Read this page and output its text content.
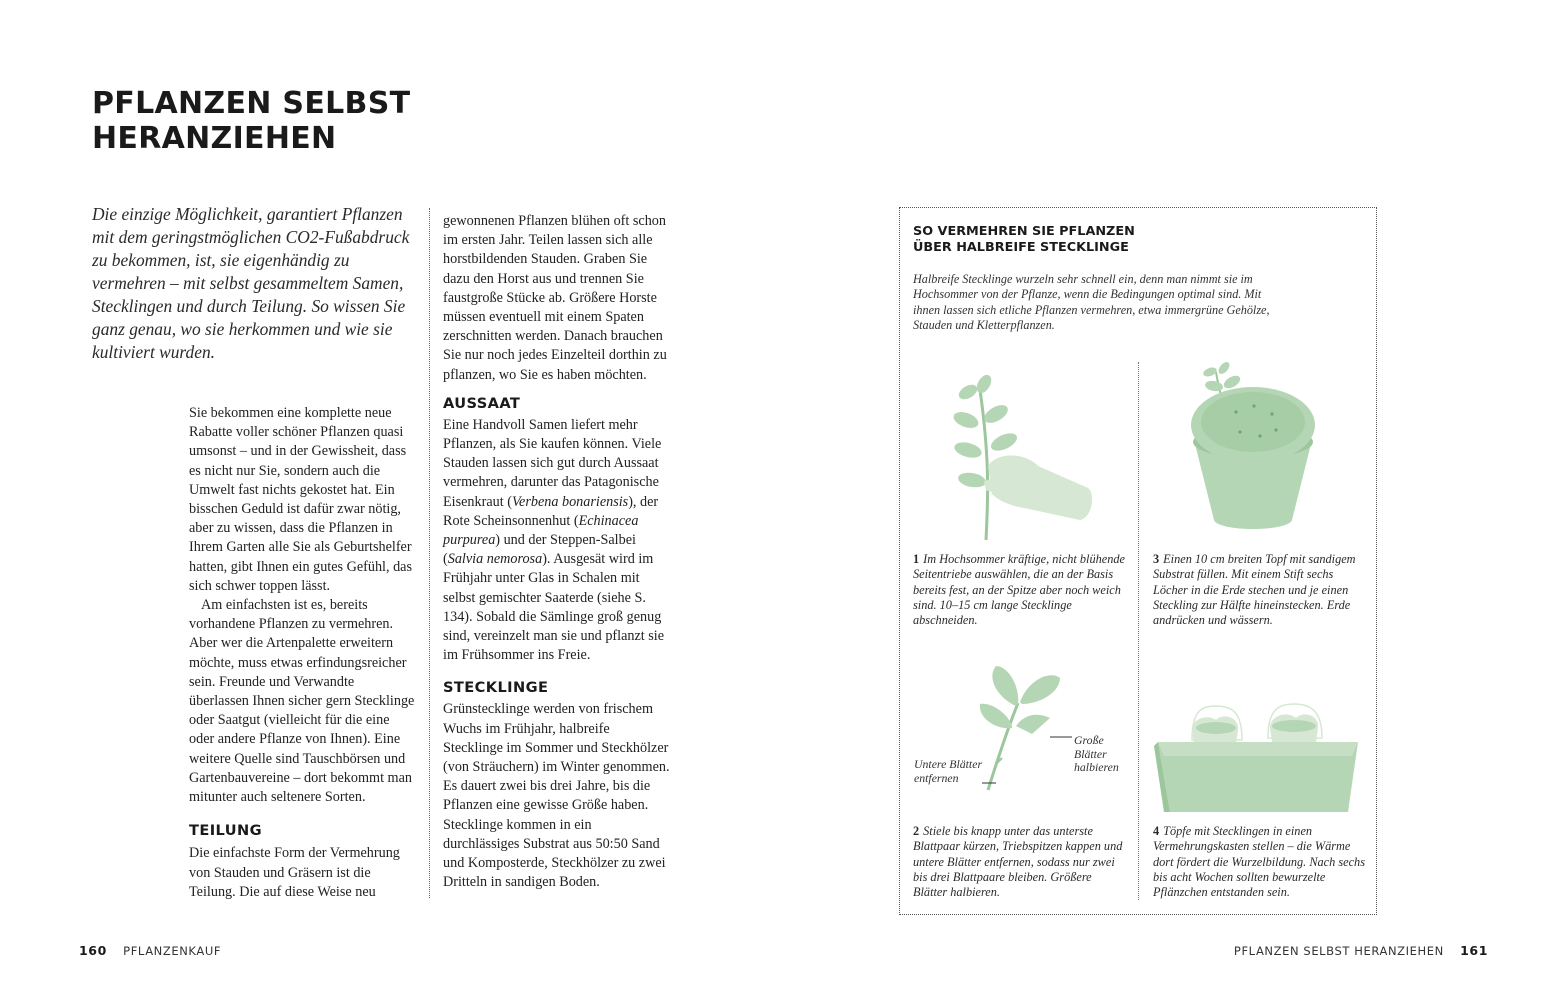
PFLANZEN SELBST HERANZIEHEN

Die einzige Möglichkeit, garantiert Pflanzen mit dem geringstmöglichen CO2-Fußabdruck zu bekommen, ist, sie eigenhändig zu vermehren – mit selbst gesammeltem Samen, Stecklingen und durch Teilung. So wissen Sie ganz genau, wo sie herkommen und wie sie kultiviert wurden.

Sie bekommen eine komplette neue Rabatte voller schöner Pflanzen quasi umsonst – und in der Gewissheit, dass es nicht nur Sie, sondern auch die Umwelt fast nichts gekostet hat. Ein bisschen Geduld ist dafür zwar nötig, aber zu wissen, dass die Pflanzen in Ihrem Garten alle Sie als Geburtshelfer hatten, gibt Ihnen ein gutes Gefühl, das sich schwer toppen lässt.

Am einfachsten ist es, bereits vorhandene Pflanzen zu vermehren. Aber wer die Artenpalette erweitern möchte, muss etwas erfindungsreicher sein. Freunde und Verwandte überlassen Ihnen sicher gern Stecklinge oder Saatgut (vielleicht für die eine oder andere Pflanze von Ihnen). Eine weitere Quelle sind Tauschbörsen und Gartenbauvereine – dort bekommt man mitunter auch seltenere Sorten.

TEILUNG

Die einfachste Form der Vermehrung von Stauden und Gräsern ist die Teilung. Die auf diese Weise neu

gewonnenen Pflanzen blühen oft schon im ersten Jahr. Teilen lassen sich alle horstbildenden Stauden. Graben Sie dazu den Horst aus und trennen Sie faustgroße Stücke ab. Größere Horste müssen eventuell mit einem Spaten zerschnitten werden. Danach brauchen Sie nur noch jedes Einzelteil dorthin zu pflanzen, wo Sie es haben möchten.

AUSSAAT

Eine Handvoll Samen liefert mehr Pflanzen, als Sie kaufen können. Viele Stauden lassen sich gut durch Aussaat vermehren, darunter das Patagonische Eisenkraut (Verbena bonariensis), der Rote Scheinsonnenhut (Echinacea purpurea) und der Steppen-Salbei (Salvia nemorosa). Ausgesät wird im Frühjahr unter Glas in Schalen mit selbst gemischter Saaterde (siehe S. 134). Sobald die Sämlinge groß genug sind, vereinzelt man sie und pflanzt sie im Frühsommer ins Freie.

STECKLINGE

Grünstecklinge werden von frischem Wuchs im Frühjahr, halbreife Stecklinge im Sommer und Steckhölzer (von Sträuchern) im Winter genommen. Es dauert zwei bis drei Jahre, bis die Pflanzen eine gewisse Größe haben. Stecklinge kommen in ein durchlässiges Substrat aus 50:50 Sand und Komposterde, Steckhölzer zu zwei Dritteln in sandigen Boden.

160 PFLANZENKAUF
SO VERMEHREN SIE PFLANZEN
ÜBER HALBREIFE STECKLINGE

Halbreife Stecklinge wurzeln sehr schnell ein, denn man nimmt sie im Hochsommer von der Pflanze, wenn die Bedingungen optimal sind. Mit ihnen lassen sich etliche Pflanzen vermehren, etwa immergrüne Gehölze, Stauden und Kletterpflanzen.

1 Im Hochsommer kräftige, nicht blühende Seitentriebe auswählen, die an der Basis bereits fest, an der Spitze aber noch weich sind. 10–15 cm lange Stecklinge abschneiden.

3 Einen 10 cm breiten Topf mit sandigem Substrat füllen. Mit einem Stift sechs Löcher in die Erde stechen und je einen Steckling zur Hälfte hineinstecken. Erde andrücken und wässern.

Große Blätter halbieren

Untere Blätter entfernen

2 Stiele bis knapp unter das unterste Blattpaar kürzen, Triebspitzen kappen und untere Blätter entfernen, sodass nur zwei bis drei Blattpaare bleiben. Größere Blätter halbieren.

4 Töpfe mit Stecklingen in einen Vermehrungskasten stellen – die Wärme dort fördert die Wurzelbildung. Nach sechs bis acht Wochen sollten bewurzelte Pflänzchen entstanden sein.

PFLANZEN SELBST HERANZIEHEN 161
